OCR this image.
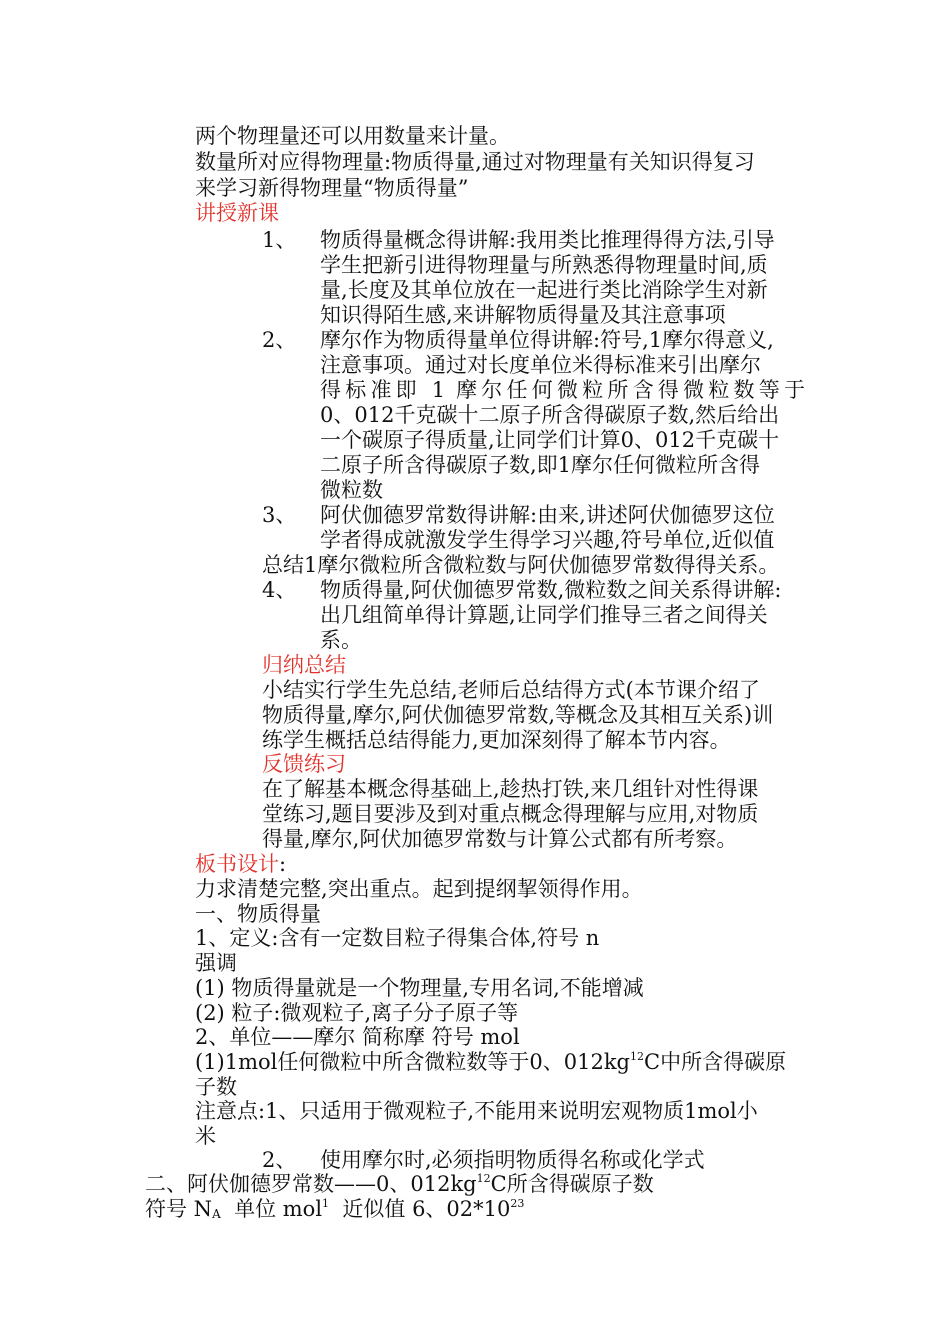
两个物理量还可以用数量来计量。
数量所对应得物理量:物质得量,通过对物理量有关知识得复习
来学习新得物理量“物质得量”
讲授新课
1、 物质得量概念得讲解:我用类比推理得得方法,引导
学生把新引进得物理量与所熟悉得物理量时间,质
量,长度及其单位放在一起进行类比消除学生对新
知识得陌生感,来讲解物质得量及其注意事项
2、 摩尔作为物质得量单位得讲解:符号,1摩尔得意义,
注意事项。通过对长度单位米得标准来引出摩尔
得标准即 1 摩尔任何微粒所含得微粒数等于
0、012千克碳十二原子所含得碳原子数,然后给出
一个碳原子得质量,让同学们计算0、012千克碳十
二原子所含得碳原子数,即1摩尔任何微粒所含得
微粒数
3、 阿伏伽德罗常数得讲解:由来,讲述阿伏伽德罗这位
学者得成就激发学生得学习兴趣,符号单位,近似值
总结1摩尔微粒所含微粒数与阿伏伽德罗常数得得关系。
4、 物质得量,阿伏伽德罗常数,微粒数之间关系得讲解:
出几组简单得计算题,让同学们推导三者之间得关
系。
归纳总结
小结实行学生先总结,老师后总结得方式(本节课介绍了
物质得量,摩尔,阿伏伽德罗常数,等概念及其相互关系)训
练学生概括总结得能力,更加深刻得了解本节内容。
反馈练习
在了解基本概念得基础上,趁热打铁,来几组针对性得课
堂练习,题目要涉及到对重点概念得理解与应用,对物质
得量,摩尔,阿伏加德罗常数与计算公式都有所考察。
板书设计:
力求清楚完整,突出重点。起到提纲挈领得作用。
一、物质得量
1、定义:含有一定数目粒子得集合体,符号 n
强调
(1) 物质得量就是一个物理量,专用名词,不能增减
(2) 粒子:微观粒子,离子分子原子等
2、单位——摩尔 简称摩 符号 mol
(1)1mol任何微粒中所含微粒数等于0、$012kg^{12}C$中所含得碳原
子数
注意点:1、只适用于微观粒子,不能用来说明宏观物质1mol小
米
2、 使用摩尔时,必须指明物质得名称或化学式
二、阿伏伽德罗常数——0、$012kg^{12}C$所含得碳原子数
符号 $N_A$  单位 mol$^1$  近似值 6、$02*10^{23}$
